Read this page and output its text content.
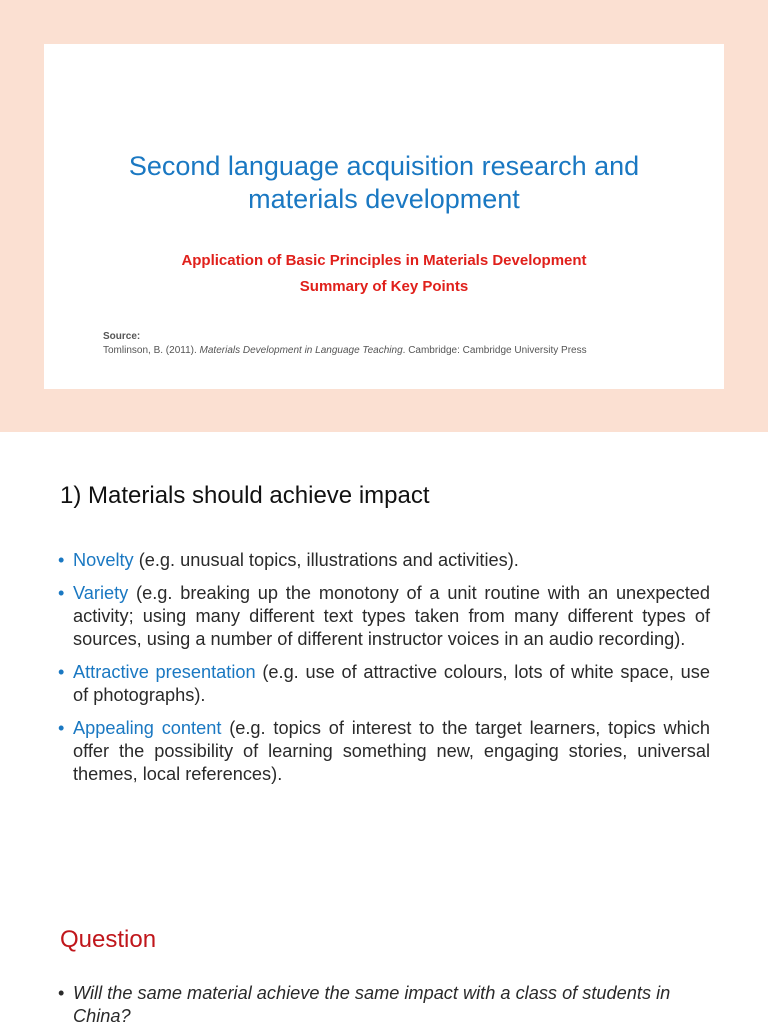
Second language acquisition research and
materials development
Application of Basic Principles in Materials Development
Summary of Key Points
Source:
Tomlinson, B. (2011). Materials Development in Language Teaching. Cambridge: Cambridge University Press
1) Materials should achieve impact
• Novelty (e.g. unusual topics, illustrations and activities).
• Variety (e.g. breaking up the monotony of a unit routine with an unexpected activity; using many different text types taken from many different types of sources, using a number of different instructor voices in an audio recording).
• Attractive presentation (e.g. use of attractive colours, lots of white space, use of photographs).
• Appealing content (e.g. topics of interest to the target learners, topics which offer the possibility of learning something new, engaging stories, universal themes, local references).
Question
• Will the same material achieve the same impact with a class of students in China?
